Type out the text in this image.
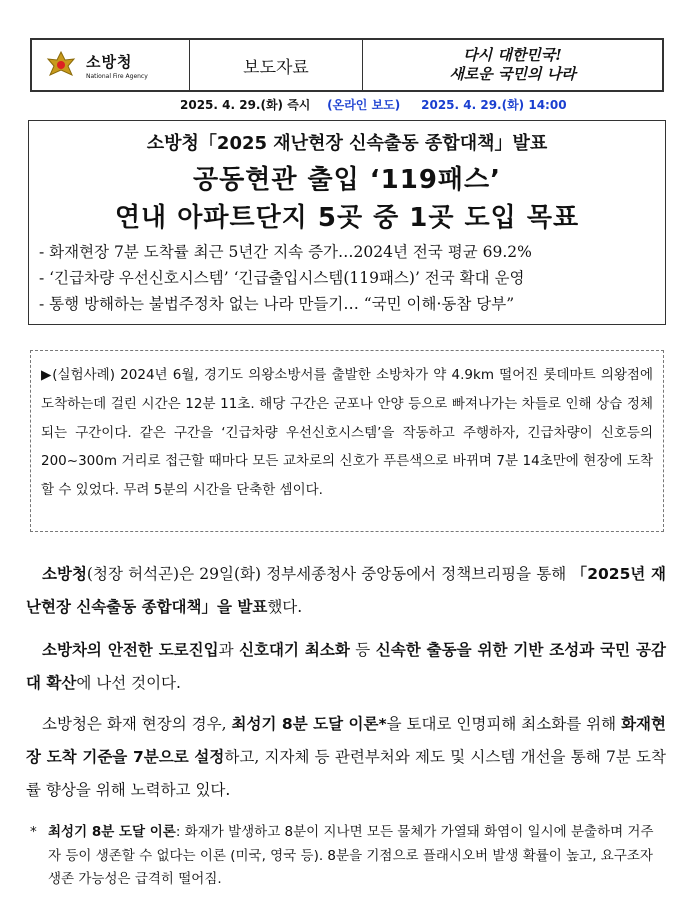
소방청
National Fire Agency	보도자료
다시 대한민국!
새로운 국민의 나라
2025. 4. 29.(화) 즉시 (온라인 보도) 2025. 4. 29.(화) 14:00
소방청「2025 재난현장 신속출동 종합대책」발표
공동현관 출입 ‘119패스’
연내 아파트단지 5곳 중 1곳 도입 목표
- 화재현장 7분 도착률 최근 5년간 지속 증가…2024년 전국 평균 69.2%
- ‘긴급차량 우선신호시스템’ ‘긴급출입시스템(119패스)’ 전국 확대 운영
- 통행 방해하는 불법주정차 없는 나라 만들기… “국민 이해·동참 당부”
▶(실험사례) 2024년 6월, 경기도 의왕소방서를 출발한 소방차가 약 4.9km 떨어진 롯데마트 의왕점에 도착하는데 걸린 시간은 12분 11초. 해당 구간은 군포나 안양 등으로 빠져나가는 차들로 인해 상습 정체되는 구간이다. 같은 구간을 ‘긴급차량 우선신호시스템’을 작동하고 주행하자, 긴급차량이 신호등의 200~300m 거리로 접근할 때마다 모든 교차로의 신호가 푸른색으로 바뀌며 7분 14초만에 현장에 도착할 수 있었다. 무려 5분의 시간을 단축한 셈이다.
소방청(청장 허석곤)은 29일(화) 정부세종청사 중앙동에서 정책브리핑을 통해 「2025년 재난현장 신속출동 종합대책」을 발표했다.
소방차의 안전한 도로진입과 신호대기 최소화 등 신속한 출동을 위한 기반 조성과 국민 공감대 확산에 나선 것이다.
소방청은 화재 현장의 경우, 최성기 8분 도달 이론*을 토대로 인명피해 최소화를 위해 화재현장 도착 기준을 7분으로 설정하고, 지자체 등 관련부처와 제도 및 시스템 개선을 통해 7분 도착률 향상을 위해 노력하고 있다.
* 최성기 8분 도달 이론: 화재가 발생하고 8분이 지나면 모든 물체가 가열돼 화염이 일시에 분출하며 거주자 등이 생존할 수 없다는 이론 (미국, 영국 등). 8분을 기점으로 플래시오버 발생 확률이 높고, 요구조자 생존 가능성은 급격히 떨어짐.
